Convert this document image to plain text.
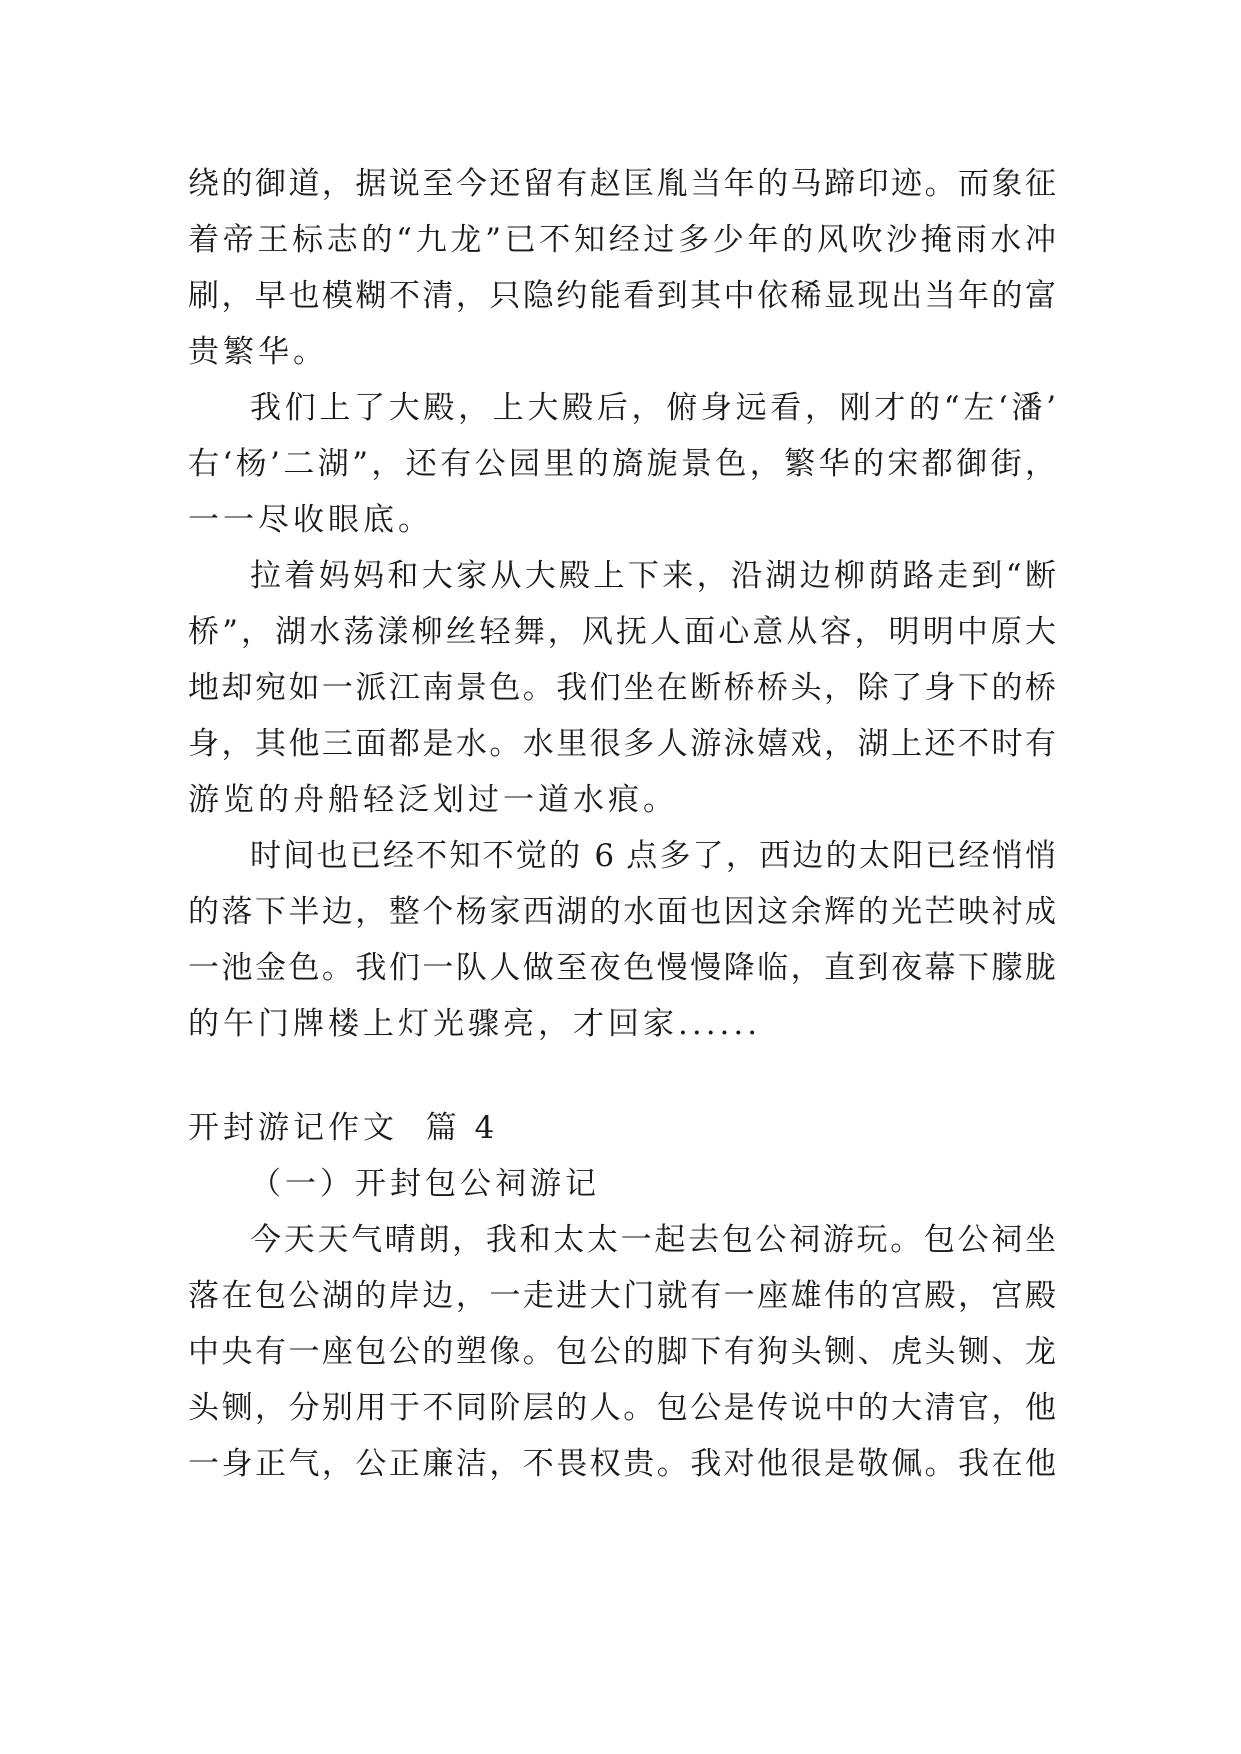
绕的御道，据说至今还留有赵匡胤当年的马蹄印迹。而象征
着帝王标志的“九龙”已不知经过多少年的风吹沙掩雨水冲
刷，早也模糊不清，只隐约能看到其中依稀显现出当年的富
贵繁华。
我们上了大殿，上大殿后，俯身远看，刚才的“左‘潘’
右‘杨’二湖”，还有公园里的旖旎景色，繁华的宋都御街，
一一尽收眼底。
拉着妈妈和大家从大殿上下来，沿湖边柳荫路走到“断
桥”，湖水荡漾柳丝轻舞，风抚人面心意从容，明明中原大
地却宛如一派江南景色。我们坐在断桥桥头，除了身下的桥
身，其他三面都是水。水里很多人游泳嬉戏，湖上还不时有
游览的舟船轻泛划过一道水痕。
时间也已经不知不觉的 6 点多了，西边的太阳已经悄悄
的落下半边，整个杨家西湖的水面也因这余辉的光芒映衬成
一池金色。我们一队人做至夜色慢慢降临，直到夜幕下朦胧
的午门牌楼上灯光骤亮，才回家......
开封游记作文  篇 4
（一）开封包公祠游记
今天天气晴朗，我和太太一起去包公祠游玩。包公祠坐
落在包公湖的岸边，一走进大门就有一座雄伟的宫殿，宫殿
中央有一座包公的塑像。包公的脚下有狗头铡、虎头铡、龙
头铡，分别用于不同阶层的人。包公是传说中的大清官，他
一身正气，公正廉洁，不畏权贵。我对他很是敬佩。我在他
